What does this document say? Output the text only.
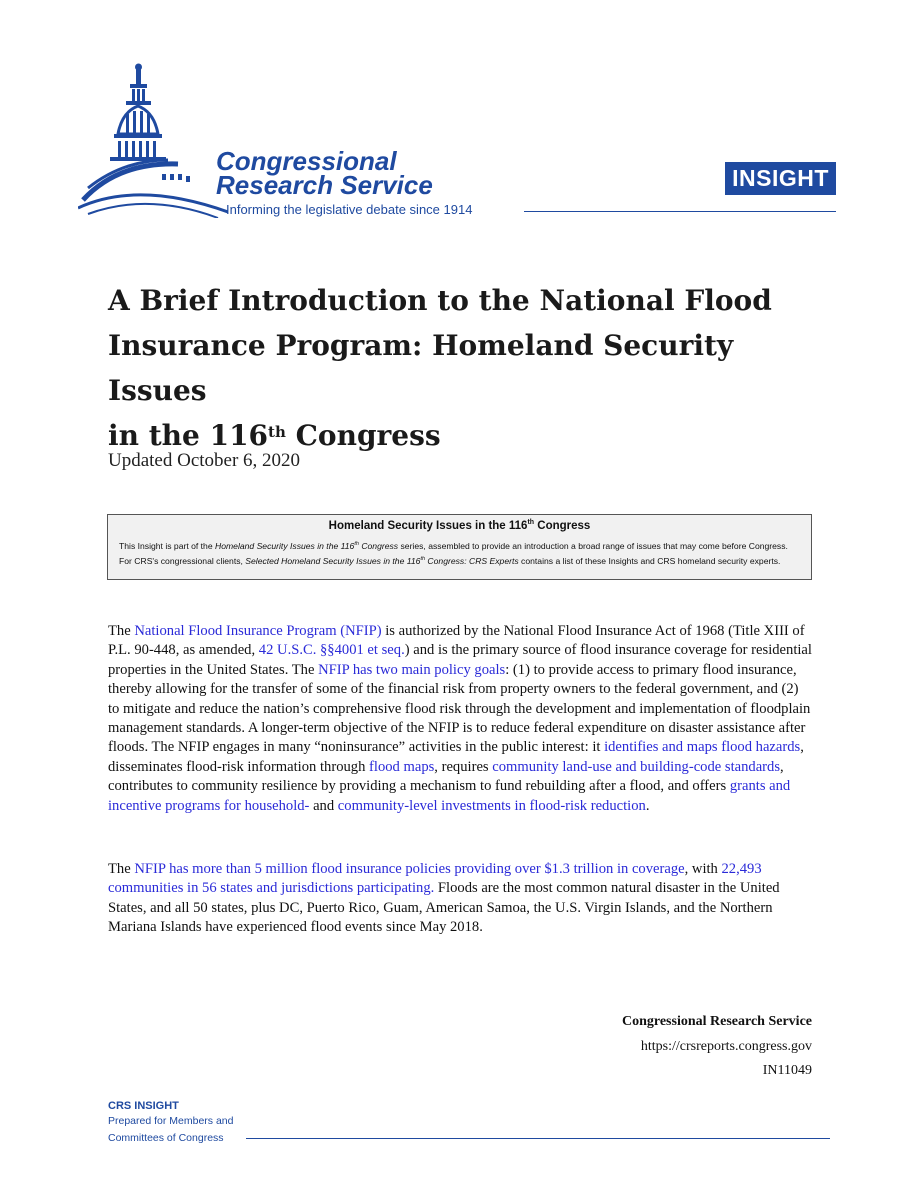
Congressional
Research Service
Informing the legislative debate since 1914
INSIGHT
A Brief Introduction to the National Flood
Insurance Program: Homeland Security Issues
in the 116th Congress
Updated October 6, 2020
Homeland Security Issues in the 116th Congress
This Insight is part of the Homeland Security Issues in the 116th Congress series, assembled to provide an introduction a broad range of issues that may come before Congress. For CRS's congressional clients, Selected Homeland Security Issues in the 116th Congress: CRS Experts contains a list of these Insights and CRS homeland security experts.
The National Flood Insurance Program (NFIP) is authorized by the National Flood Insurance Act of 1968 (Title XIII of P.L. 90-448, as amended, 42 U.S.C. §§4001 et seq.) and is the primary source of flood insurance coverage for residential properties in the United States. The NFIP has two main policy goals: (1) to provide access to primary flood insurance, thereby allowing for the transfer of some of the financial risk from property owners to the federal government, and (2) to mitigate and reduce the nation’s comprehensive flood risk through the development and implementation of floodplain management standards. A longer-term objective of the NFIP is to reduce federal expenditure on disaster assistance after floods. The NFIP engages in many “noninsurance” activities in the public interest: it identifies and maps flood hazards, disseminates flood-risk information through flood maps, requires community land-use and building-code standards, contributes to community resilience by providing a mechanism to fund rebuilding after a flood, and offers grants and incentive programs for household- and community-level investments in flood-risk reduction.
The NFIP has more than 5 million flood insurance policies providing over $1.3 trillion in coverage, with 22,493 communities in 56 states and jurisdictions participating. Floods are the most common natural disaster in the United States, and all 50 states, plus DC, Puerto Rico, Guam, American Samoa, the U.S. Virgin Islands, and the Northern Mariana Islands have experienced flood events since May 2018.
Congressional Research Service
https://crsreports.congress.gov
IN11049
CRS INSIGHT
Prepared for Members and
Committees of Congress
